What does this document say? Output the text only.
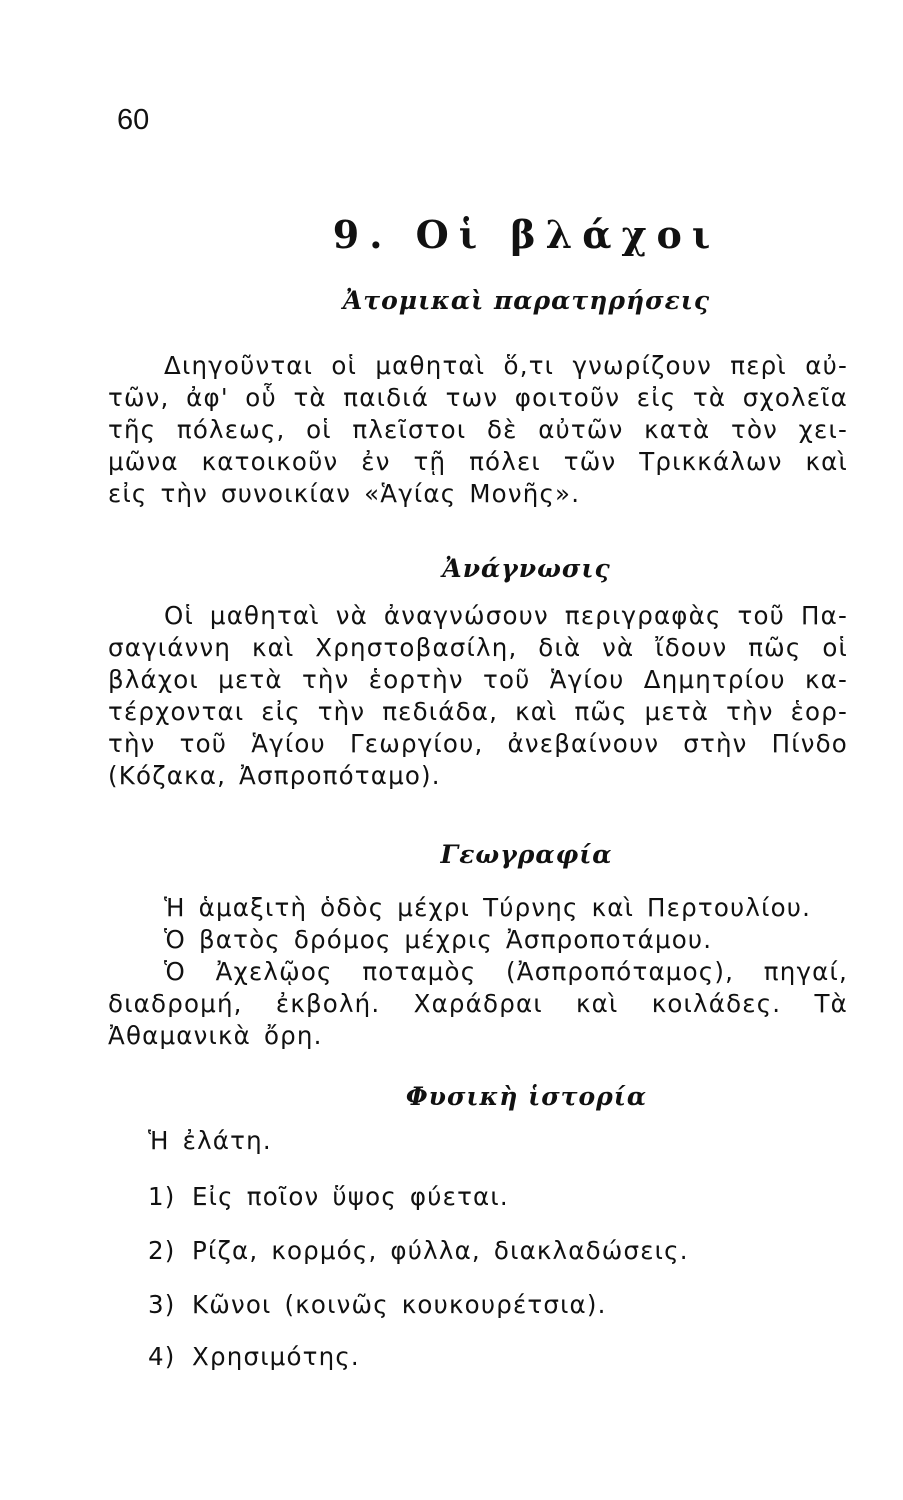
60
9. Οἱ βλάχοι
Ἀτομικαὶ παρατηρήσεις
Διηγοῦνται οἱ μαθηταὶ ὅ,τι γνωρίζουν περὶ αὐ-
τῶν, ἀφ' οὗ τὰ παιδιά των φοιτοῦν εἰς τὰ σχολεῖα
τῆς πόλεως, οἱ πλεῖστοι δὲ αὐτῶν κατὰ τὸν χει-
μῶνα κατοικοῦν ἐν τῇ πόλει τῶν Τρικκάλων καὶ
εἰς τὴν συνοικίαν «Ἁγίας Μονῆς».
Ἀνάγνωσις
Οἱ μαθηταὶ νὰ ἀναγνώσουν περιγραφὰς τοῦ Πα-
σαγιάννη καὶ Χρηστοβασίλη, διὰ νὰ ἴδουν πῶς οἱ
βλάχοι μετὰ τὴν ἑορτὴν τοῦ Ἁγίου Δημητρίου κα-
τέρχονται εἰς τὴν πεδιάδα, καὶ πῶς μετὰ τὴν ἑορ-
τὴν τοῦ Ἁγίου Γεωργίου, ἀνεβαίνουν στὴν Πίνδο
(Κόζακα, Ἀσπροπόταμο).
Γεωγραφία
Ἡ ἁμαξιτὴ ὁδὸς μέχρι Τύρνης καὶ Περτουλίου.
Ὁ βατὸς δρόμος μέχρις Ἀσπροποτάμου.
Ὁ Ἀχελῷος ποταμὸς (Ἀσπροπόταμος), πηγαί,
διαδρομή, ἐκβολή. Χαράδραι καὶ κοιλάδες. Τὰ
Ἀθαμανικὰ ὄρη.
Φυσικὴ ἱστορία
Ἡ ἐλάτη.
1) Εἰς ποῖον ὕψος φύεται.
2) Ρίζα, κορμός, φύλλα, διακλαδώσεις.
3) Κῶνοι (κοινῶς κουκουρέτσια).
4) Χρησιμότης.
